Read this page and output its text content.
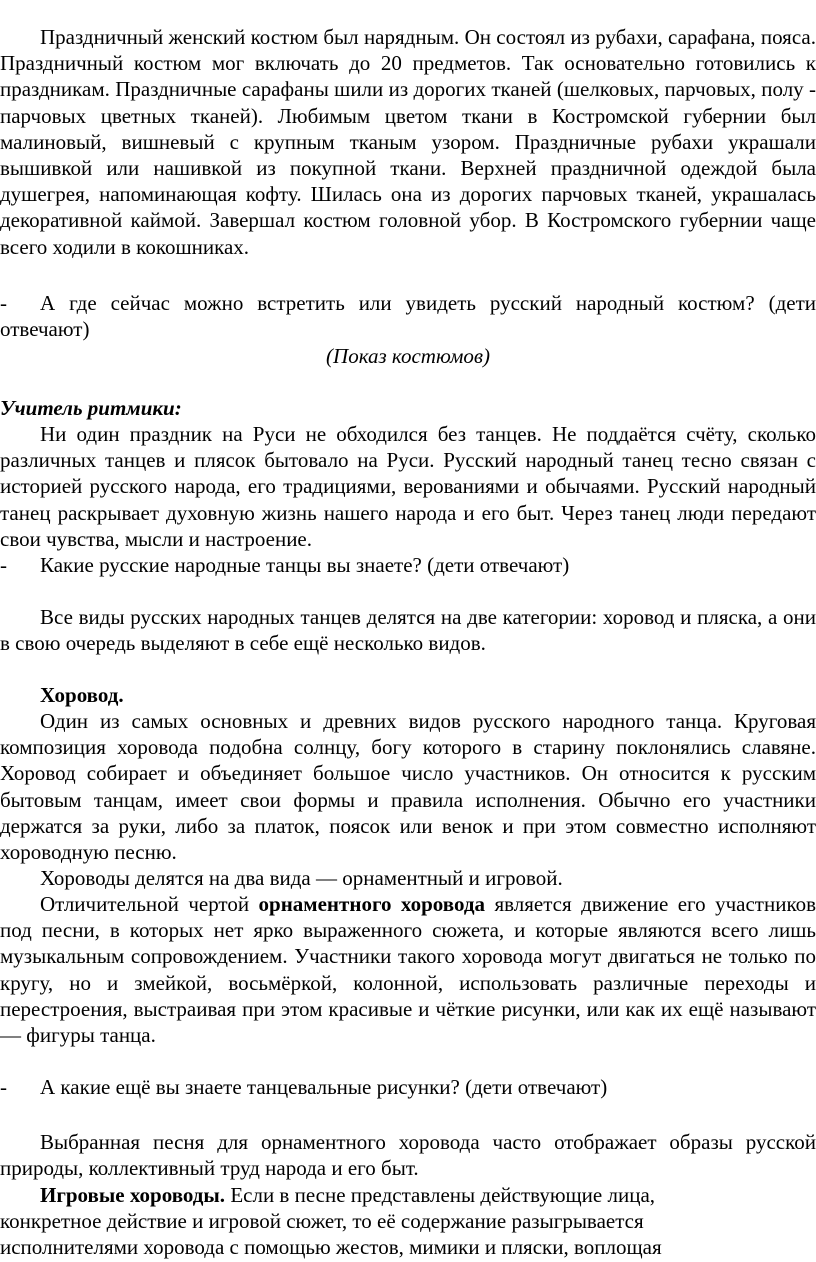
Праздничный женский костюм был нарядным. Он состоял из рубахи, сарафана, пояса. Праздничный костюм мог включать до 20 предметов. Так основательно готовились к праздникам. Праздничные сарафаны шили из дорогих тканей (шелковых, парчовых, полу - парчовых цветных тканей). Любимым цветом ткани в Костромской губернии был малиновый, вишневый с крупным тканым узором. Праздничные рубахи украшали вышивкой или нашивкой из покупной ткани. Верхней праздничной одеждой была душегрея, напоминающая кофту. Шилась она из дорогих парчовых тканей, украшалась декоративной каймой. Завершал костюм головной убор. В Костромского губернии чаще всего ходили в кокошниках.

- А где сейчас можно встретить или увидеть русский народный костюм? (дети отвечают)

(Показ костюмов)

Учитель ритмики:

Ни один праздник на Руси не обходился без танцев. Не поддаётся счёту, сколько различных танцев и плясок бытовало на Руси. Русский народный танец тесно связан с историей русского народа, его традициями, верованиями и обычаями. Русский народный танец раскрывает духовную жизнь нашего народа и его быт. Через танец люди передают свои чувства, мысли и настроение.

- Какие русские народные танцы вы знаете? (дети отвечают)

Все виды русских народных танцев делятся на две категории: хоровод и пляска, а они в свою очередь выделяют в себе ещё несколько видов.

Хоровод.

Один из самых основных и древних видов русского народного танца. Круговая композиция хоровода подобна солнцу, богу которого в старину поклонялись славяне. Хоровод собирает и объединяет большое число участников. Он относится к русским бытовым танцам, имеет свои формы и правила исполнения. Обычно его участники держатся за руки, либо за платок, поясок или венок и при этом совместно исполняют хороводную песню.

Хороводы делятся на два вида — орнаментный и игровой.

Отличительной чертой орнаментного хоровода является движение его участников под песни, в которых нет ярко выраженного сюжета, и которые являются всего лишь музыкальным сопровождением. Участники такого хоровода могут двигаться не только по кругу, но и змейкой, восьмёркой, колонной, использовать различные переходы и перестроения, выстраивая при этом красивые и чёткие рисунки, или как их ещё называют — фигуры танца.

- А какие ещё вы знаете танцевальные рисунки? (дети отвечают)

Выбранная песня для орнаментного хоровода часто отображает образы русской природы, коллективный труд народа и его быт.

Игровые хороводы. Если в песне представлены действующие лица, конкретное действие и игровой сюжет, то её содержание разыгрывается исполнителями хоровода с помощью жестов, мимики и пляски, воплощая
